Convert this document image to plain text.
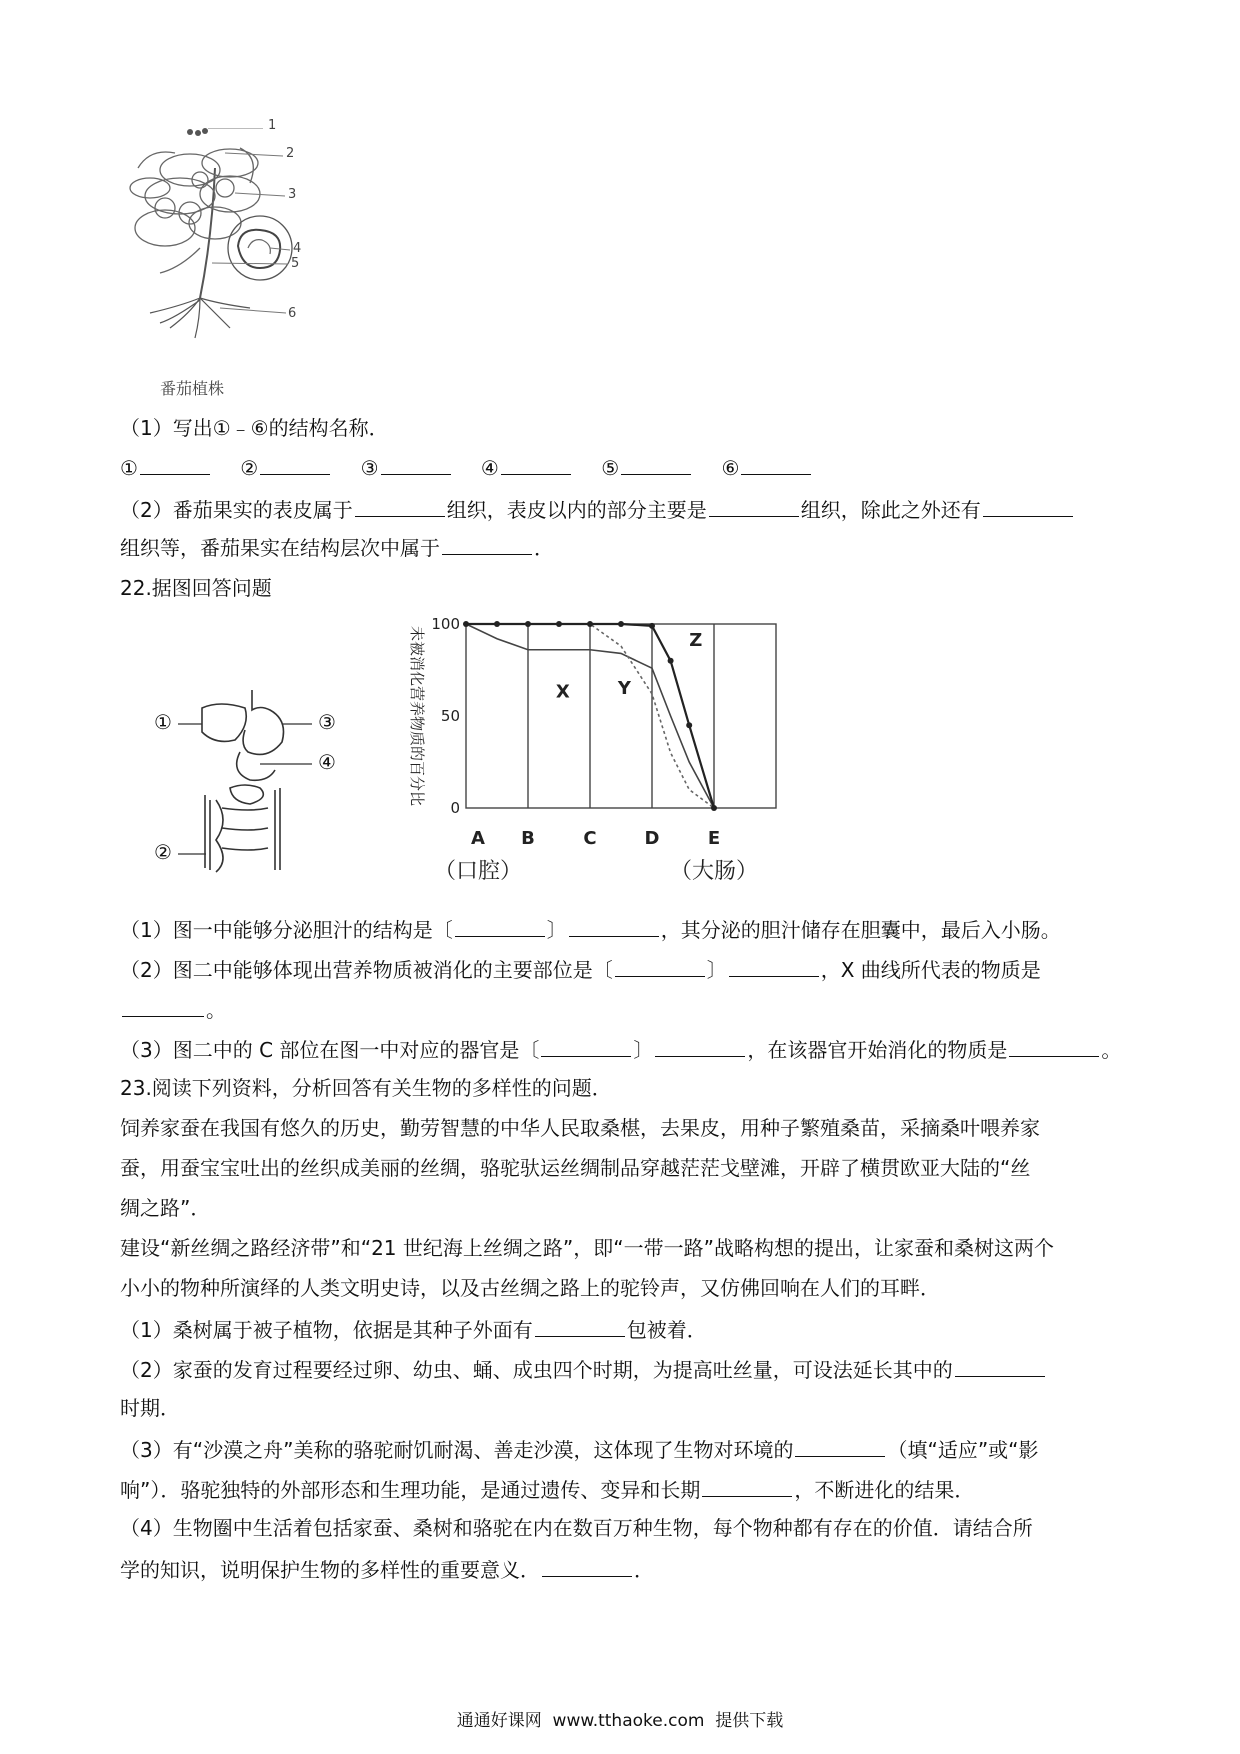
1
2
3
4
5
6
番茄植株
（1）写出①﹣⑥的结构名称．
①	②	③	④	⑤	⑥
（2）番茄果实的表皮属于	组织，表皮以内的部分主要是	组织，除此之外还有
组织等，番茄果实在结构层次中属于	．
22.据图回答问题
①	③
④
②
100
50
0
未被消化营养物质的百分比
A
（口腔）
B	C	D	E
（大肠）
X	Y
Z
（1）图一中能够分泌胆汁的结构是〔	〕	，其分泌的胆汁储存在胆囊中，最后入小肠。
（2）图二中能够体现出营养物质被消化的主要部位是〔	〕	，X 曲线所代表的物质是
。
（3）图二中的 C 部位在图一中对应的器官是〔	〕	，在该器官开始消化的物质是	。
23.阅读下列资料，分析回答有关生物的多样性的问题．
饲养家蚕在我国有悠久的历史，勤劳智慧的中华人民取桑椹，去果皮，用种子繁殖桑苗，采摘桑叶喂养家
蚕，用蚕宝宝吐出的丝织成美丽的丝绸，骆驼驮运丝绸制品穿越茫茫戈壁滩，开辟了横贯欧亚大陆的“丝
绸之路”．
建设“新丝绸之路经济带”和“21 世纪海上丝绸之路”，即“一带一路”战略构想的提出，让家蚕和桑树这两个
小小的物种所演绎的人类文明史诗，以及古丝绸之路上的驼铃声，又仿佛回响在人们的耳畔．
（1）桑树属于被子植物，依据是其种子外面有	包被着．
（2）家蚕的发育过程要经过卵、幼虫、蛹、成虫四个时期，为提高吐丝量，可设法延长其中的
时期．
（3）有“沙漠之舟”美称的骆驼耐饥耐渴、善走沙漠，这体现了生物对环境的	（填“适应”或“影
响”）．骆驼独特的外部形态和生理功能，是通过遗传、变异和长期	，不断进化的结果．
（4）生物圈中生活着包括家蚕、桑树和骆驼在内在数百万种生物，每个物种都有存在的价值．请结合所
学的知识，说明保护生物的多样性的重要意义．	．
通通好课网  www.tthaoke.com  提供下载
